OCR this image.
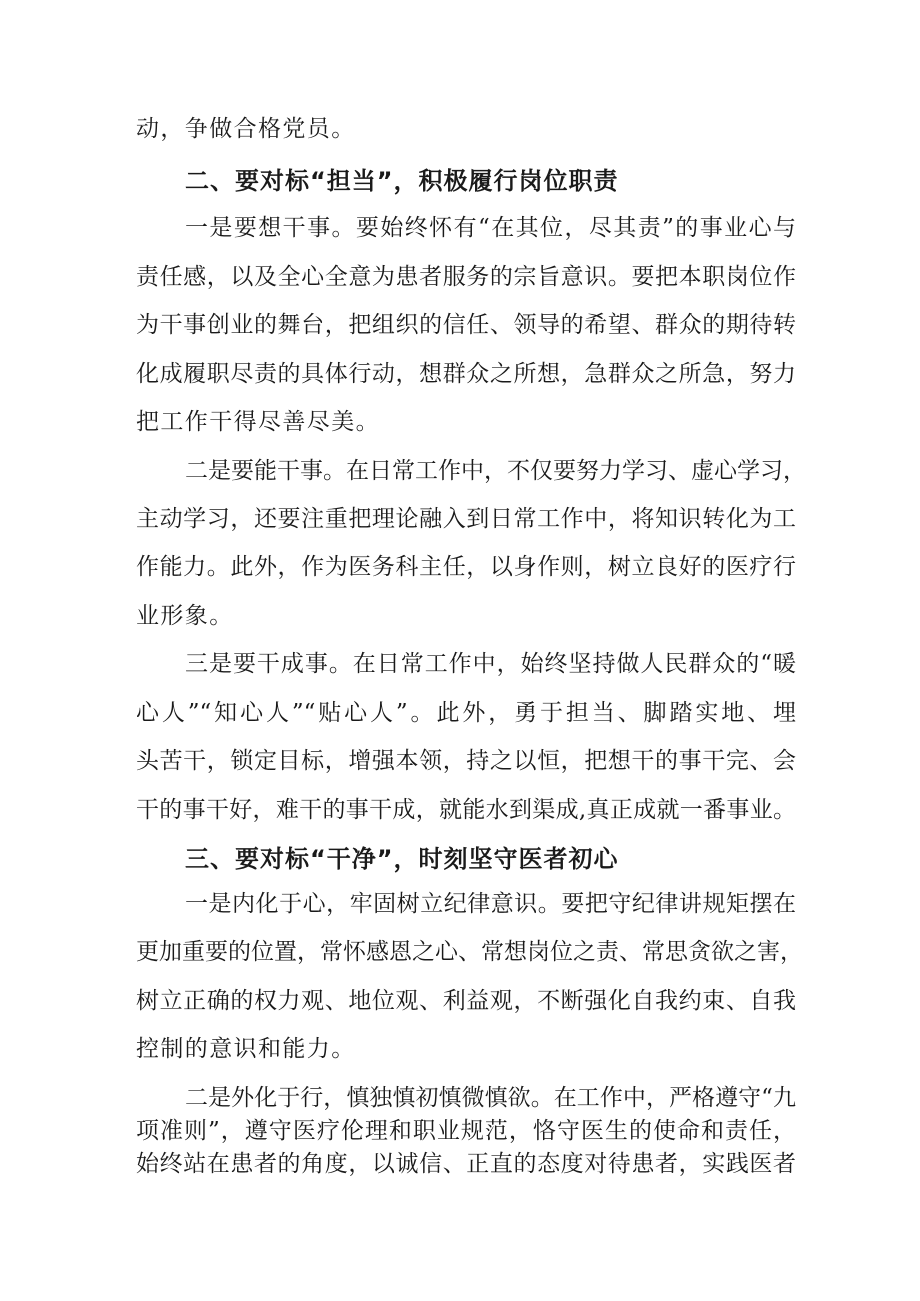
动，争做合格党员。
二、要对标“担当”，积极履行岗位职责
一是要想干事。要始终怀有“在其位，尽其责”的事业心与
责任感，以及全心全意为患者服务的宗旨意识。要把本职岗位作
为干事创业的舞台，把组织的信任、领导的希望、群众的期待转
化成履职尽责的具体行动，想群众之所想，急群众之所急，努力
把工作干得尽善尽美。
二是要能干事。在日常工作中，不仅要努力学习、虚心学习，
主动学习，还要注重把理论融入到日常工作中，将知识转化为工
作能力。此外，作为医务科主任，以身作则，树立良好的医疗行
业形象。
三是要干成事。在日常工作中，始终坚持做人民群众的“暖
心人”“知心人”“贴心人”。此外，勇于担当、脚踏实地、埋
头苦干，锁定目标，增强本领，持之以恒，把想干的事干完、会
干的事干好，难干的事干成，就能水到渠成,真正成就一番事业。
三、要对标“干净”，时刻坚守医者初心
一是内化于心，牢固树立纪律意识。要把守纪律讲规矩摆在
更加重要的位置，常怀感恩之心、常想岗位之责、常思贪欲之害，
树立正确的权力观、地位观、利益观，不断强化自我约束、自我
控制的意识和能力。
二是外化于行，慎独慎初慎微慎欲。在工作中，严格遵守“九
项准则”，遵守医疗伦理和职业规范，恪守医生的使命和责任，
始终站在患者的角度，以诚信、正直的态度对待患者，实践医者
